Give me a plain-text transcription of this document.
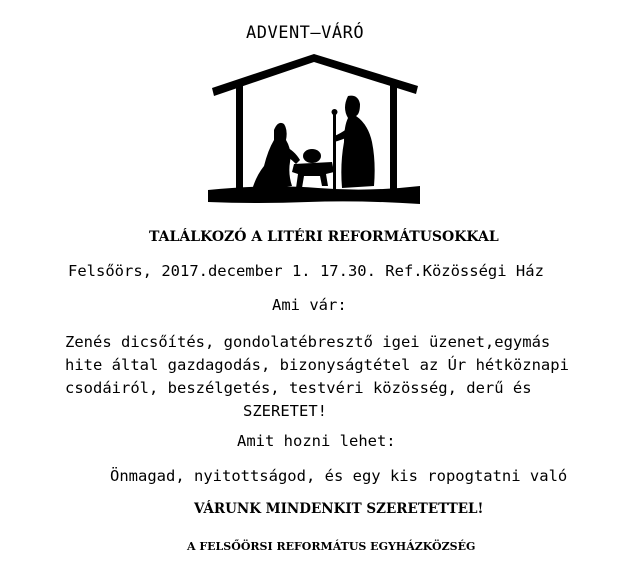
ADVENT–VÁRÓ
TALÁLKOZÓ A LITÉRI REFORMÁTUSOKKAL
Felsőörs, 2017.december 1. 17.30. Ref.Közösségi Ház
Ami vár:
Zenés dicsőítés, gondolatébresztő igei üzenet,egymás
hite által gazdagodás, bizonyságtétel az Úr hétköznapi
csodáiról, beszélgetés, testvéri közösség, derű és
SZERETET!
Amit hozni lehet:
Önmagad, nyitottságod, és egy kis ropogtatni való
VÁRUNK MINDENKIT SZERETETTEL!
A FELSŐÖRSI REFORMÁTUS EGYHÁZKÖZSÉG
